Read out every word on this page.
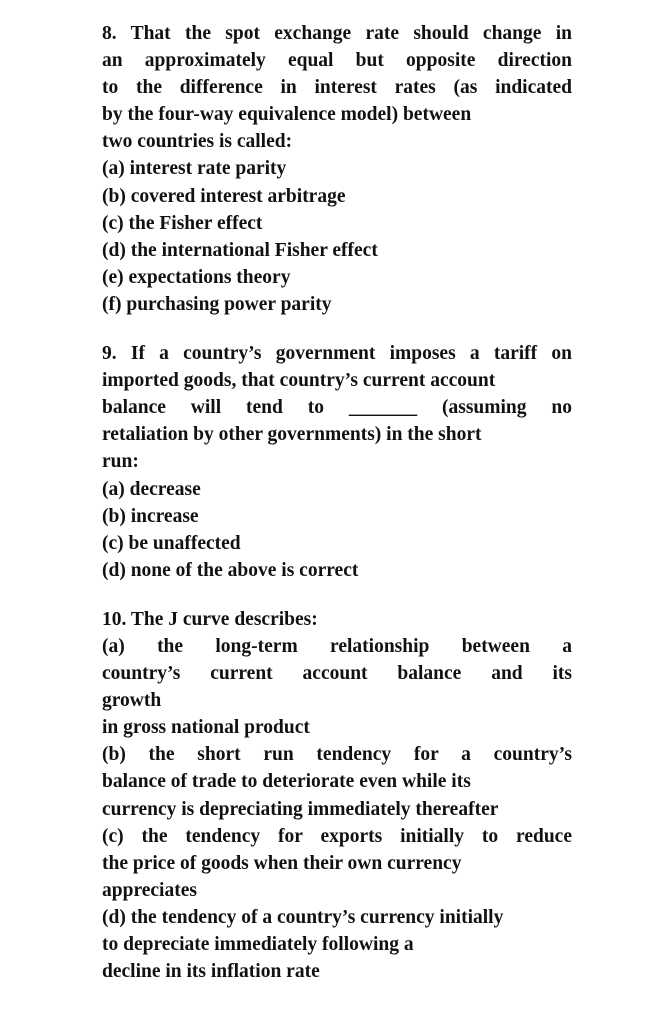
8. That the spot exchange rate should change in
an approximately equal but opposite direction
to the difference in interest rates (as indicated
by the four-way equivalence model) between
two countries is called:
(a) interest rate parity
(b) covered interest arbitrage
(c) the Fisher effect
(d) the international Fisher effect
(e) expectations theory
(f) purchasing power parity
9. If a country’s government imposes a tariff on
imported goods, that country’s current account
balance will tend to _______ (assuming no
retaliation by other governments) in the short
run:
(a) decrease
(b) increase
(c) be unaffected
(d) none of the above is correct
10. The J curve describes:
(a) the long-term relationship between a
country’s current account balance and its
growth
in gross national product
(b) the short run tendency for a country’s
balance of trade to deteriorate even while its
currency is depreciating immediately thereafter
(c) the tendency for exports initially to reduce
the price of goods when their own currency
appreciates
(d) the tendency of a country’s currency initially
to depreciate immediately following a
decline in its inflation rate
